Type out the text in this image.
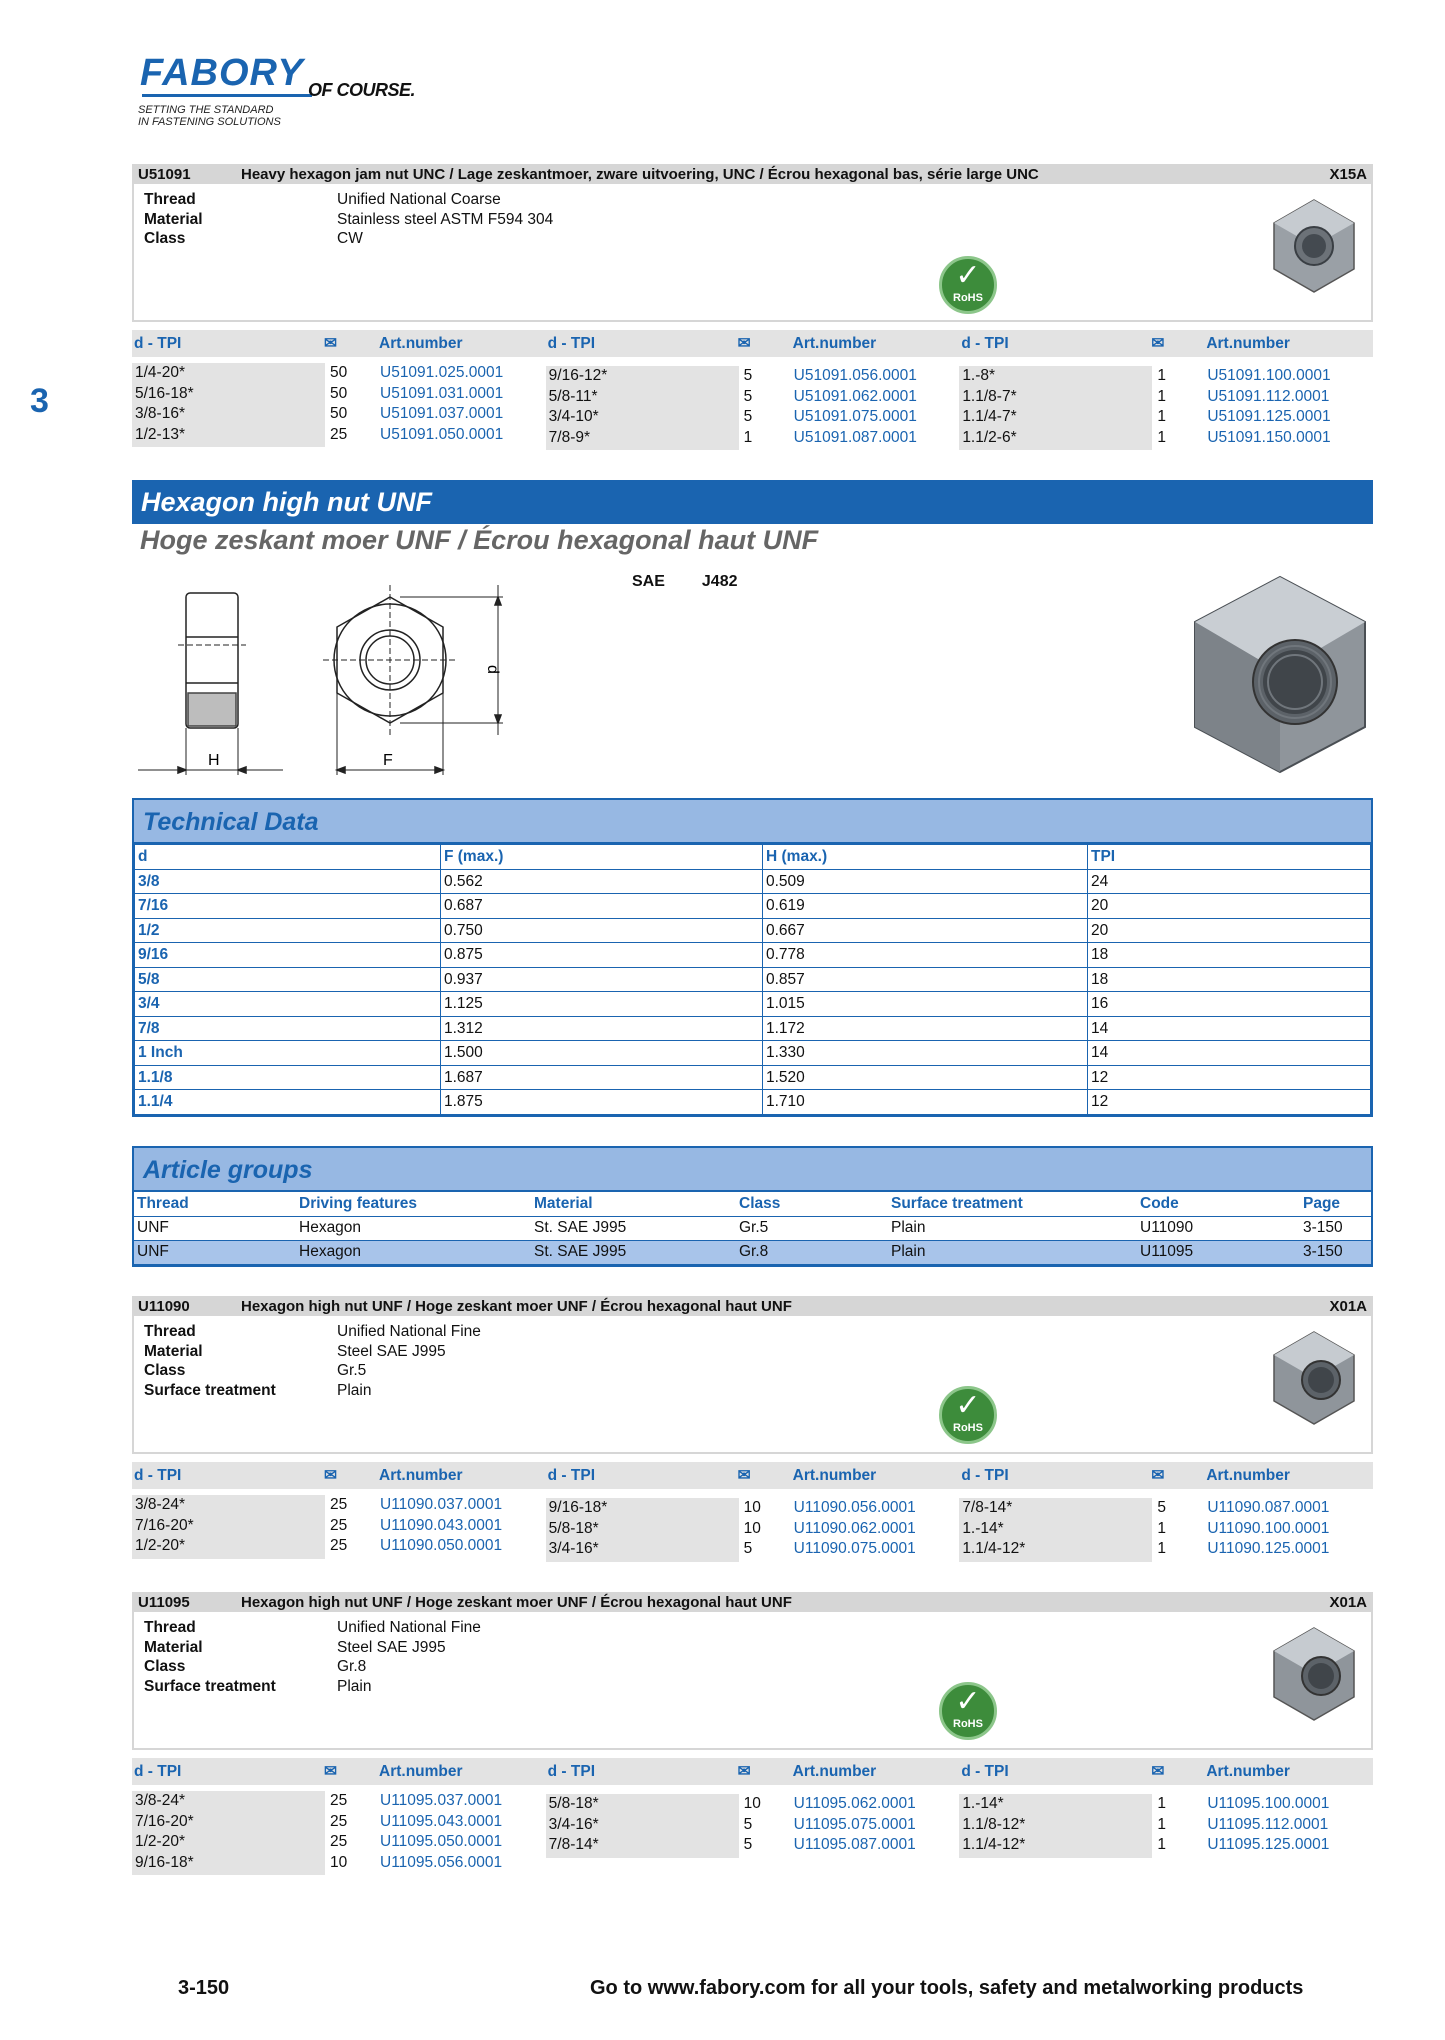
FABORY OF COURSE.
SETTING THE STANDARD
IN FASTENING SOLUTIONS
3
U51091	Heavy hexagon jam nut UNC / Lage zeskantmoer, zware uitvoering, UNC / Écrou hexagonal bas, série large UNC	X15A
Thread	Unified National Coarse
Material	Stainless steel ASTM F594 304
Class	CW
✓
RoHS
d - TPI	✉	Art.number	d - TPI	✉	Art.number	d - TPI	✉	Art.number
1/4-20*	50	U51091.025.0001
5/16-18*	50	U51091.031.0001
3/8-16*	50	U51091.037.0001
1/2-13*	25	U51091.050.0001
9/16-12*	5	U51091.056.0001
5/8-11*	5	U51091.062.0001
3/4-10*	5	U51091.075.0001
7/8-9*	1	U51091.087.0001
1.-8*	1	U51091.100.0001
1.1/8-7*	1	U51091.112.0001
1.1/4-7*	1	U51091.125.0001
1.1/2-6*	1	U51091.150.0001
Hexagon high nut UNF
Hoge zeskant moer UNF / Écrou hexagonal haut UNF
SAE J482
H	F
d
Technical Data
d	F (max.)	H (max.)	TPI
3/8	0.562	0.509	24
7/16	0.687	0.619	20
1/2	0.750	0.667	20
9/16	0.875	0.778	18
5/8	0.937	0.857	18
3/4	1.125	1.015	16
7/8	1.312	1.172	14
1 Inch	1.500	1.330	14
1.1/8	1.687	1.520	12
1.1/4	1.875	1.710	12
Article groups
Thread	Driving features	Material	Class	Surface treatment	Code	Page
UNF	Hexagon	St. SAE J995	Gr.5	Plain	U11090	3-150
UNF	Hexagon	St. SAE J995	Gr.8	Plain	U11095	3-150
U11090	Hexagon high nut UNF / Hoge zeskant moer UNF / Écrou hexagonal haut UNF	X01A
Thread	Unified National Fine
Material	Steel SAE J995
Class	Gr.5
Surface treatment	Plain	✓
RoHS
d - TPI	✉	Art.number	d - TPI	✉	Art.number	d - TPI	✉	Art.number
3/8-24*	25	U11090.037.0001
7/16-20*	25	U11090.043.0001
1/2-20*	25	U11090.050.0001
9/16-18*	10	U11090.056.0001
5/8-18*	10	U11090.062.0001
3/4-16*	5	U11090.075.0001
7/8-14*	5	U11090.087.0001
1.-14*	1	U11090.100.0001
1.1/4-12*	1	U11090.125.0001
U11095	Hexagon high nut UNF / Hoge zeskant moer UNF / Écrou hexagonal haut UNF	X01A
Thread	Unified National Fine
Material	Steel SAE J995
Class	Gr.8
Surface treatment	Plain	✓
RoHS
d - TPI	✉	Art.number	d - TPI	✉	Art.number	d - TPI	✉	Art.number
3/8-24*	25	U11095.037.0001
7/16-20*	25	U11095.043.0001
1/2-20*	25	U11095.050.0001
9/16-18*	10	U11095.056.0001
5/8-18*	10	U11095.062.0001
3/4-16*	5	U11095.075.0001
7/8-14*	5	U11095.087.0001
1.-14*	1	U11095.100.0001
1.1/8-12*	1	U11095.112.0001
1.1/4-12*	1	U11095.125.0001
3-150	Go to www.fabory.com for all your tools, safety and metalworking products
